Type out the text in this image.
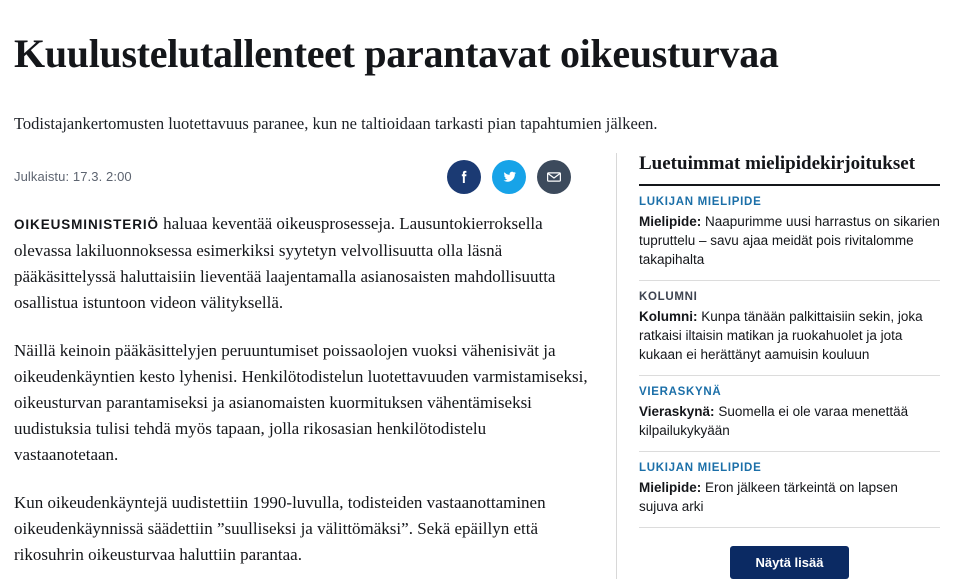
Kuulustelutallenteet parantavat oikeusturvaa

Todistajankertomusten luotettavuus paranee, kun ne taltioidaan tarkasti pian tapahtumien jälkeen.

Julkaistu: 17.3. 2:00

OIKEUSMINISTERIÖ haluaa keventää oikeusprosesseja. Lausuntokierroksella olevassa lakiluonnoksessa esimerkiksi syytetyn velvollisuutta olla läsnä pääkäsittelyssä haluttaisiin lieventää laajentamalla asianosaisten mahdollisuutta osallistua istuntoon videon välityksellä.

Näillä keinoin pääkäsittelyjen peruuntumiset poissaolojen vuoksi vähenisivät ja oikeudenkäyntien kesto lyhenisi. Henkilötodistelun luotettavuuden varmistamiseksi, oikeusturvan parantamiseksi ja asianomaisten kuormituksen vähentämiseksi uudistuksia tulisi tehdä myös tapaan, jolla rikosasian henkilötodistelu vastaanotetaan.

Kun oikeudenkäyntejä uudistettiin 1990-luvulla, todisteiden vastaanottaminen oikeudenkäynnissä säädettiin ”suulliseksi ja välittömäksi”. Sekä epäillyn että rikosuhrin oikeusturvaa haluttiin parantaa.

Luetuimmat mielipidekirjoitukset
LUKIJAN MIELIPIDE
Mielipide: Naapurimme uusi harrastus on sikarien tupruttelu – savu ajaa meidät pois rivitalomme takapihalta
KOLUMNI
Kolumni: Kunpa tänään palkittaisiin sekin, joka ratkaisi iltaisin matikan ja ruokahuolet ja jota kukaan ei herättänyt aamuisin kouluun
VIERASKYNÄ
Vieraskynä: Suomella ei ole varaa menettää kilpailukykyään
LUKIJAN MIELIPIDE
Mielipide: Eron jälkeen tärkeintä on lapsen sujuva arki
Näytä lisää
